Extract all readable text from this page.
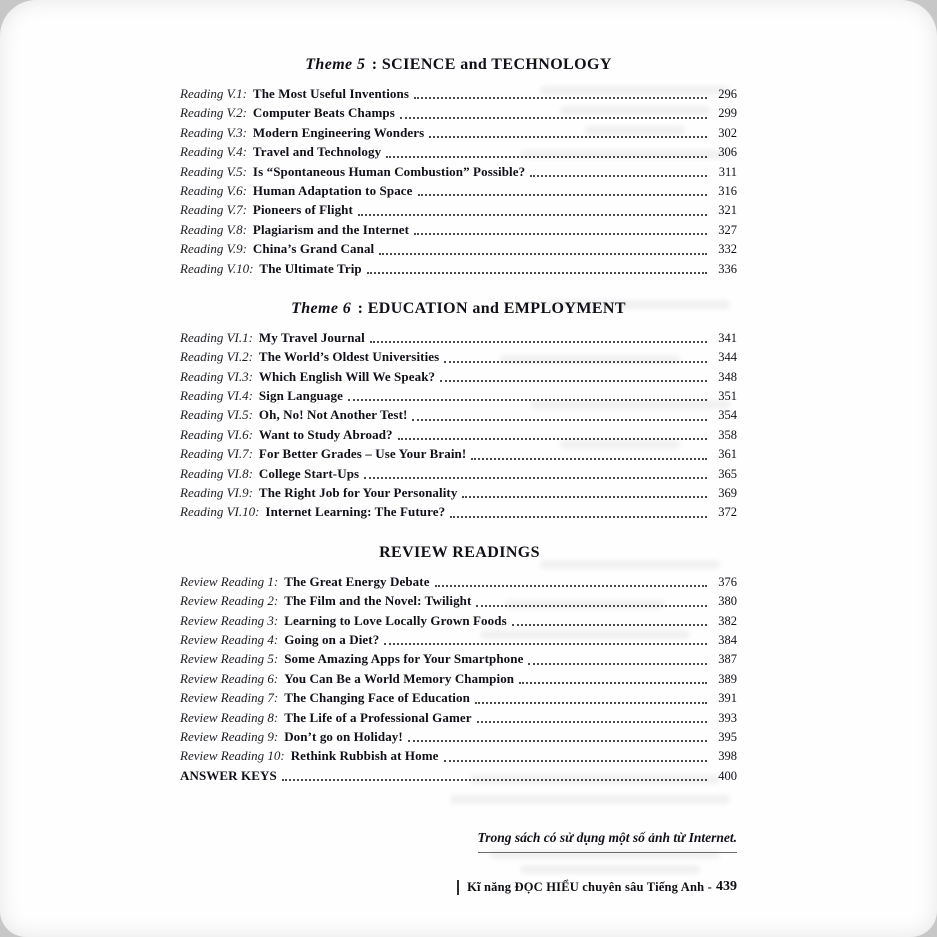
Theme 5 : SCIENCE and TECHNOLOGY
Reading V.1: The Most Useful Inventions	296
Reading V.2: Computer Beats Champs	299
Reading V.3: Modern Engineering Wonders	302
Reading V.4: Travel and Technology	306
Reading V.5: Is “Spontaneous Human Combustion” Possible?	311
Reading V.6: Human Adaptation to Space	316
Reading V.7: Pioneers of Flight	321
Reading V.8: Plagiarism and the Internet	327
Reading V.9: China’s Grand Canal	332
Reading V.10: The Ultimate Trip	336
Theme 6 : EDUCATION and EMPLOYMENT
Reading VI.1: My Travel Journal	341
Reading VI.2: The World’s Oldest Universities	344
Reading VI.3: Which English Will We Speak?	348
Reading VI.4: Sign Language	351
Reading VI.5: Oh, No! Not Another Test!	354
Reading VI.6: Want to Study Abroad?	358
Reading VI.7: For Better Grades – Use Your Brain!	361
Reading VI.8: College Start-Ups	365
Reading VI.9: The Right Job for Your Personality	369
Reading VI.10: Internet Learning: The Future?	372
REVIEW READINGS
Review Reading 1: The Great Energy Debate	376
Review Reading 2: The Film and the Novel: Twilight	380
Review Reading 3: Learning to Love Locally Grown Foods	382
Review Reading 4: Going on a Diet?	384
Review Reading 5: Some Amazing Apps for Your Smartphone	387
Review Reading 6: You Can Be a World Memory Champion	389
Review Reading 7: The Changing Face of Education	391
Review Reading 8: The Life of a Professional Gamer	393
Review Reading 9: Don’t go on Holiday!	395
Review Reading 10: Rethink Rubbish at Home	398
ANSWER KEYS	400
Trong sách có sử dụng một số ảnh từ Internet.
Kĩ năng ĐỌC HIỂU chuyên sâu Tiếng Anh - 439
